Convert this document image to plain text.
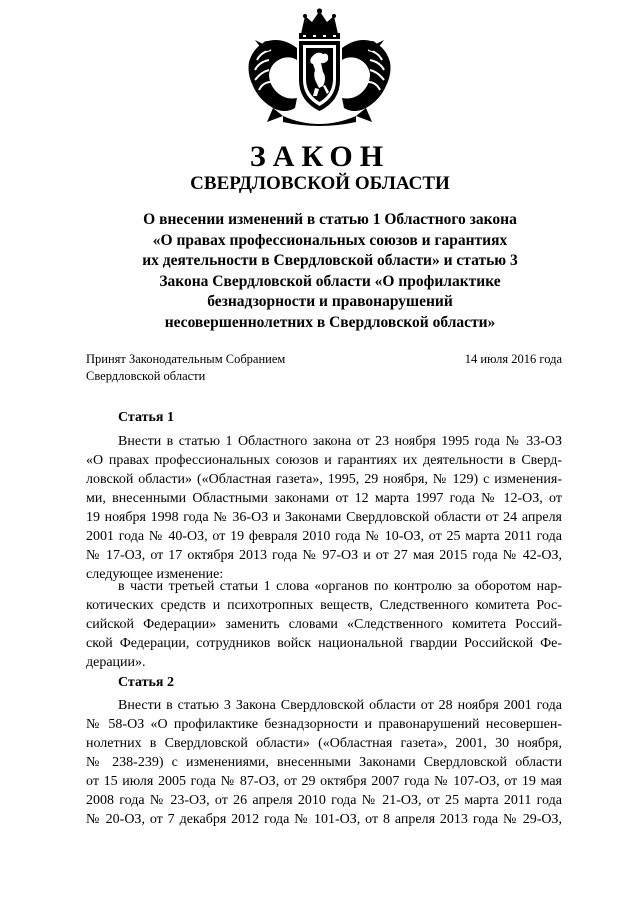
ЗАКОН
СВЕРДЛОВСКОЙ ОБЛАСТИ
О внесении изменений в статью 1 Областного закона
«О правах профессиональных союзов и гарантиях
их деятельности в Свердловской области» и статью 3
Закона Свердловской области «О профилактике
безнадзорности и правонарушений
несовершеннолетних в Свердловской области»
Принят Законодательным Собранием
Свердловской области
14 июля 2016 года
Статья 1

Внести в статью 1 Областного закона от 23 ноября 1995 года № 33-ОЗ
«О правах профессиональных союзов и гарантиях их деятельности в Сверд-
ловской области» («Областная газета», 1995, 29 ноября, № 129) с изменения-
ми, внесенными Областными законами от 12 марта 1997 года № 12-ОЗ, от
19 ноября 1998 года № 36-ОЗ и Законами Свердловской области от 24 апреля
2001 года № 40-ОЗ, от 19 февраля 2010 года № 10-ОЗ, от 25 марта 2011 года
№ 17-ОЗ, от 17 октября 2013 года № 97-ОЗ и от 27 мая 2015 года № 42-ОЗ,
следующее изменение:

в части третьей статьи 1 слова «органов по контролю за оборотом нар-
котических средств и психотропных веществ, Следственного комитета Рос-
сийской Федерации» заменить словами «Следственного комитета Россий-
ской Федерации, сотрудников войск национальной гвардии Российской Фе-
дерации».

Статья 2

Внести в статью 3 Закона Свердловской области от 28 ноября 2001 года
№ 58-ОЗ «О профилактике безнадзорности и правонарушений несовершен-
нолетних в Свердловской области» («Областная газета», 2001, 30 ноября,
№ 238-239) с изменениями, внесенными Законами Свердловской области
от 15 июля 2005 года № 87-ОЗ, от 29 октября 2007 года № 107-ОЗ, от 19 мая
2008 года № 23-ОЗ, от 26 апреля 2010 года № 21-ОЗ, от 25 марта 2011 года
№ 20-ОЗ, от 7 декабря 2012 года № 101-ОЗ, от 8 апреля 2013 года № 29-ОЗ,
